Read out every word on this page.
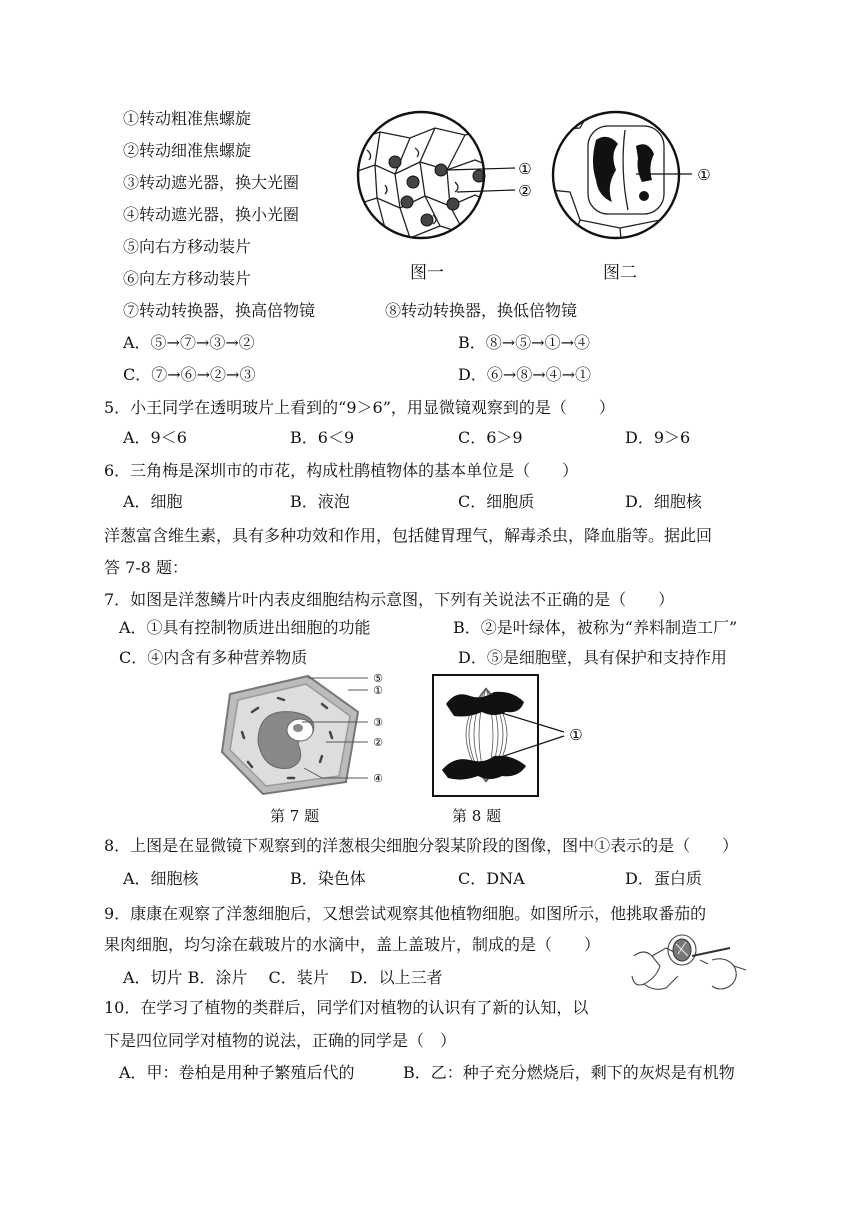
①转动粗准焦螺旋
②转动细准焦螺旋
③转动遮光器，换大光圈
④转动遮光器，换小光圈
⑤向右方移动装片
⑥向左方移动装片
⑦转动转换器，换高倍物镜	⑧转动转换器，换低倍物镜
①
②
图一
①
图二
A．⑤→⑦→③→②	B．⑧→⑤→①→④
C．⑦→⑥→②→③	D．⑥→⑧→④→①
5．小王同学在透明玻片上看到的“9＞6”，用显微镜观察到的是（　　）
A．9＜6	B．6＜9	C．6＞9	D．9＞6
6．三角梅是深圳市的市花，构成杜鹃植物体的基本单位是（　　）
A．细胞	B．液泡	C．细胞质	D．细胞核
洋葱富含维生素，具有多种功效和作用，包括健胃理气，解毒杀虫，降血脂等。据此回
答 7-8 题：
7．如图是洋葱鳞片叶内表皮细胞结构示意图，下列有关说法不正确的是（　　）
A．①具有控制物质进出细胞的功能	B．②是叶绿体，被称为“养料制造工厂”
C．④内含有多种营养物质	D．⑤是细胞壁，具有保护和支持作用
⑤
①
③
②
④
①
第 7 题	第 8 题
8．上图是在显微镜下观察到的洋葱根尖细胞分裂某阶段的图像，图中①表示的是（　　）
A．细胞核	B．染色体	C．DNA	D．蛋白质
9．康康在观察了洋葱细胞后，又想尝试观察其他植物细胞。如图所示，他挑取番茄的
果肉细胞，均匀涂在载玻片的水滴中，盖上盖玻片，制成的是（　　）
A．切片 B．涂片　 C．装片　 D．以上三者
10．在学习了植物的类群后，同学们对植物的认识有了新的认知，以
下是四位同学对植物的说法，正确的同学是（　）
A．甲：卷柏是用种子繁殖后代的	B．乙：种子充分燃烧后，剩下的灰烬是有机物
